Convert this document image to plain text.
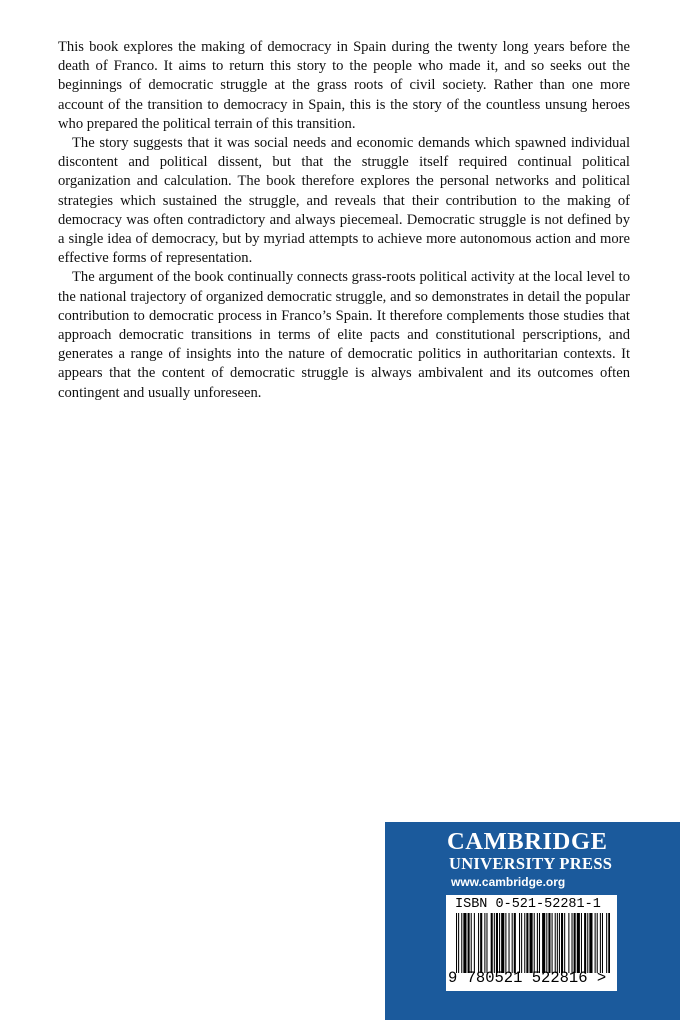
This book explores the making of democracy in Spain during the twenty long years before the death of Franco. It aims to return this story to the people who made it, and so seeks out the beginnings of democratic struggle at the grass roots of civil society. Rather than one more account of the transition to democracy in Spain, this is the story of the countless unsung heroes who prepared the political terrain of this transition.

The story suggests that it was social needs and economic demands which spawned individual discontent and political dissent, but that the struggle itself required continual political organization and calculation. The book therefore explores the personal networks and political strategies which sustained the struggle, and reveals that their contribution to the making of democracy was often contradictory and always piecemeal. Democratic struggle is not defined by a single idea of democracy, but by myriad attempts to achieve more autonomous action and more effective forms of representation.

The argument of the book continually connects grass-roots political activity at the local level to the national trajectory of organized democratic struggle, and so demonstrates in detail the popular contribution to democratic process in Franco’s Spain. It therefore complements those studies that approach democratic transitions in terms of elite pacts and constitutional perscriptions, and generates a range of insights into the nature of democratic politics in authoritarian contexts. It appears that the content of democratic struggle is always ambivalent and its outcomes often contingent and usually unforeseen.

CAMBRIDGE
UNIVERSITY PRESS
www.cambridge.org
ISBN 0-521-52281-1
9 780521 522816 >
